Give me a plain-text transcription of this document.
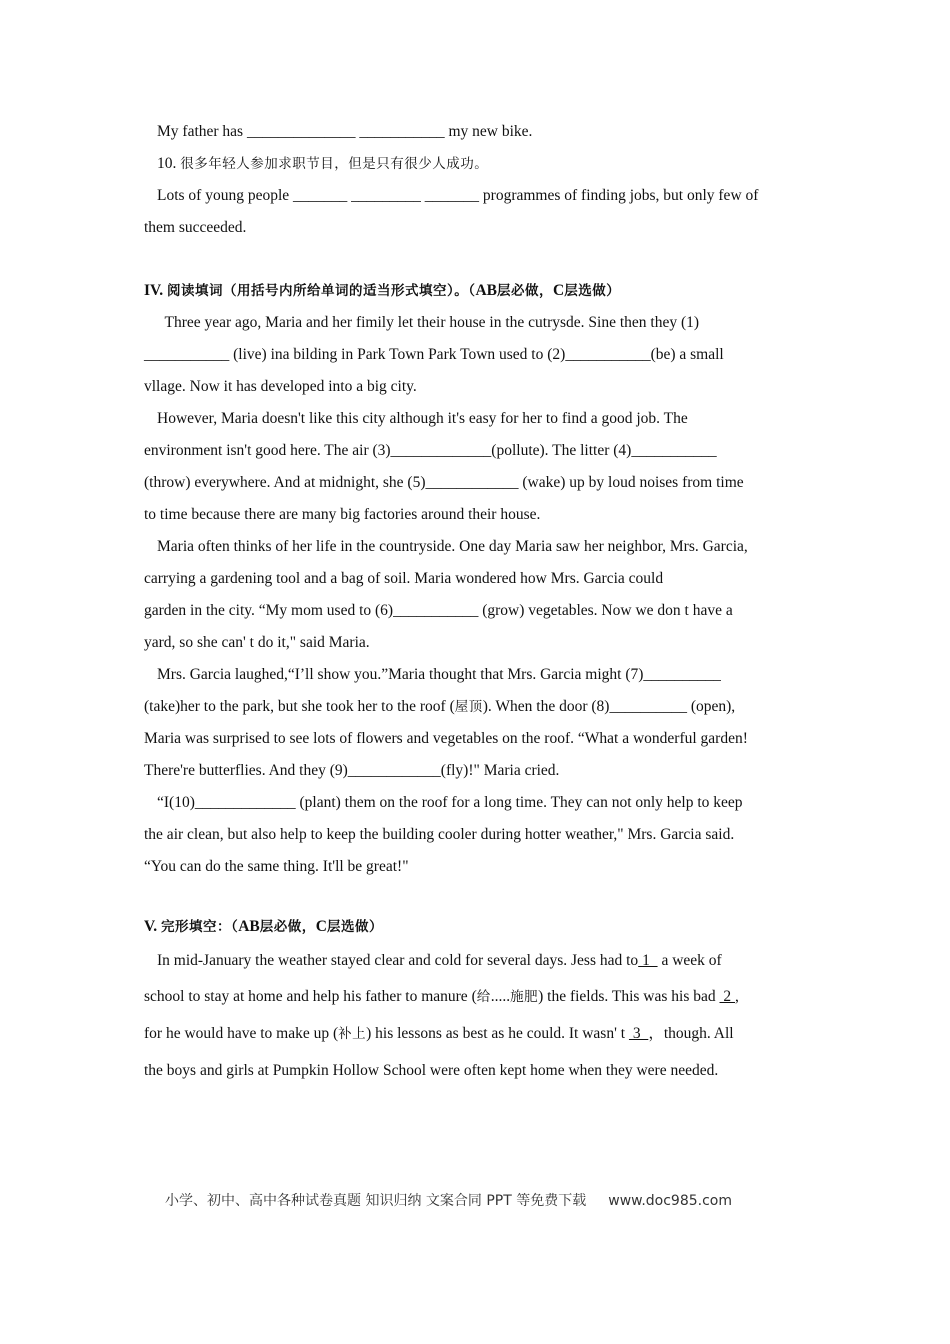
My father has ______________ ___________ my new bike.

10. 很多年轻人参加求职节目，但是只有很少人成功。

Lots of young people _______ _________ _______ programmes of finding jobs, but only few of

them succeeded.

IV. 阅读填词（用括号内所给单词的适当形式填空）。（AB层必做，C层选做）

Three year ago, Maria and her fimily let their house in the cutrysde. Sine then they (1)

___________ (live) ina bilding in Park Town Park Town used to (2)___________(be) a small

vllage. Now it has developed into a big city.

However, Maria doesn't like this city although it's easy for her to find a good job. The

environment isn't good here. The air (3)_____________(pollute). The litter (4)___________

(throw) everywhere. And at midnight, she (5)____________ (wake) up by loud noises from time

to time because there are many big factories around their house.

Maria often thinks of her life in the countryside. One day Maria saw her neighbor, Mrs. Garcia,

carrying a gardening tool and a bag of soil. Maria wondered how Mrs. Garcia could

garden in the city. “My mom used to (6)___________ (grow) vegetables. Now we don t have a

yard, so she can' t do it," said Maria.

Mrs. Garcia laughed,“I’ll show you.”Maria thought that Mrs. Garcia might (7)__________

(take)her to the park, but she took her to the roof (屋顶). When the door (8)__________ (open),

Maria was surprised to see lots of flowers and vegetables on the roof. “What a wonderful garden!

There're butterflies. And they (9)____________(fly)!" Maria cried.

“I(10)_____________ (plant) them on the roof for a long time. They can not only help to keep

the air clean, but also help to keep the building cooler during hotter weather," Mrs. Garcia said.

“You can do the same thing. It'll be great!"

V. 完形填空：（AB层必做，C层选做）

In mid-January the weather stayed clear and cold for several days. Jess had to 1   a week of

school to stay at home and help his father to manure (给.....施肥) the fields. This was his bad  2 ,

for he would have to make up (补上) his lessons as best as he could. It wasn' t  3  ，though. All

the boys and girls at Pumpkin Hollow School were often kept home when they were needed.

小学、初中、高中各种试卷真题 知识归纳 文案合同 PPT 等免费下载 www.doc985.com
